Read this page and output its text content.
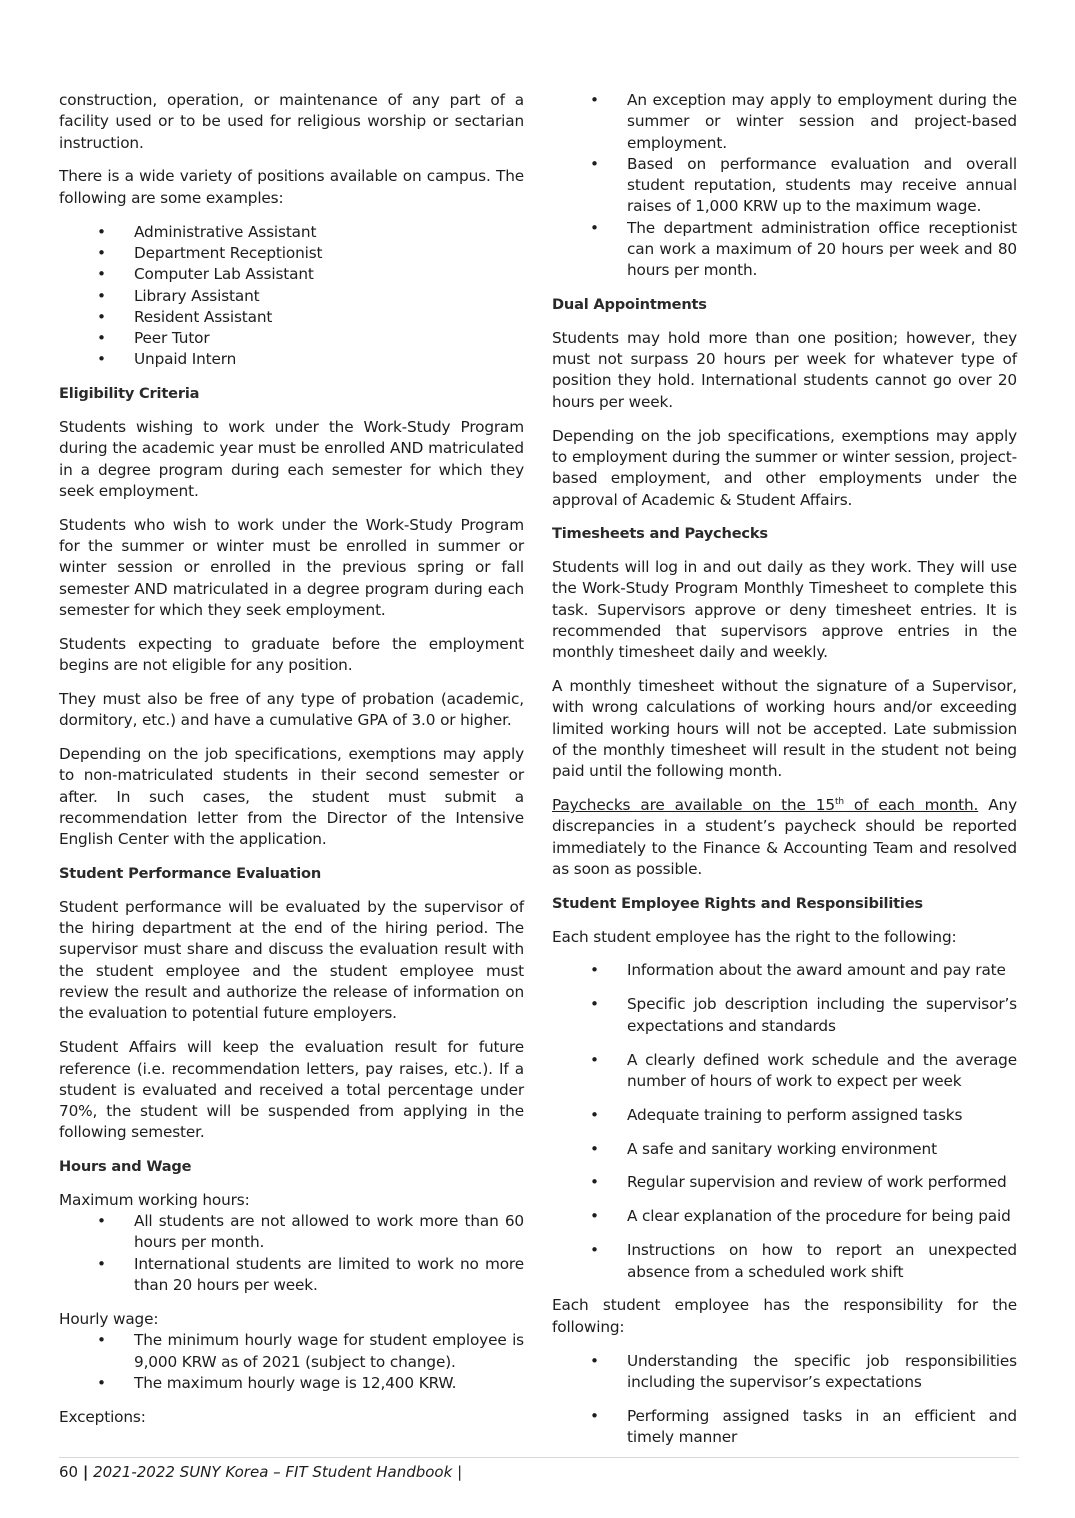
construction, operation, or maintenance of any part of a facility used or to be used for religious worship or sectarian instruction.

There is a wide variety of positions available on campus. The following are some examples:

• Administrative Assistant
• Department Receptionist
• Computer Lab Assistant
• Library Assistant
• Resident Assistant
• Peer Tutor
• Unpaid Intern
Eligibility Criteria

Students wishing to work under the Work-Study Program during the academic year must be enrolled AND matriculated in a degree program during each semester for which they seek employment.

Students who wish to work under the Work-Study Program for the summer or winter must be enrolled in summer or winter session or enrolled in the previous spring or fall semester AND matriculated in a degree program during each semester for which they seek employment.

Students expecting to graduate before the employment begins are not eligible for any position.

They must also be free of any type of probation (academic, dormitory, etc.) and have a cumulative GPA of 3.0 or higher.

Depending on the job specifications, exemptions may apply to non-matriculated students in their second semester or after. In such cases, the student must submit a recommendation letter from the Director of the Intensive English Center with the application.

Student Performance Evaluation

Student performance will be evaluated by the supervisor of the hiring department at the end of the hiring period. The supervisor must share and discuss the evaluation result with the student employee and the student employee must review the result and authorize the release of information on the evaluation to potential future employers.

Student Affairs will keep the evaluation result for future reference (i.e. recommendation letters, pay raises, etc.). If a student is evaluated and received a total percentage under 70%, the student will be suspended from applying in the following semester.

Hours and Wage

Maximum working hours:

• All students are not allowed to work more than 60 hours per month.
• International students are limited to work no more than 20 hours per week.

Hourly wage:

• The minimum hourly wage for student employee is 9,000 KRW as of 2021 (subject to change).
• The maximum hourly wage is 12,400 KRW.

Exceptions:

• An exception may apply to employment during the summer or winter session and project-based employment.
• Based on performance evaluation and overall student reputation, students may receive annual raises of 1,000 KRW up to the maximum wage.
• The department administration office receptionist can work a maximum of 20 hours per week and 80 hours per month.
Dual Appointments

Students may hold more than one position; however, they must not surpass 20 hours per week for whatever type of position they hold. International students cannot go over 20 hours per week.

Depending on the job specifications, exemptions may apply to employment during the summer or winter session, project-based employment, and other employments under the approval of Academic & Student Affairs.

Timesheets and Paychecks

Students will log in and out daily as they work. They will use the Work-Study Program Monthly Timesheet to complete this task. Supervisors approve or deny timesheet entries. It is recommended that supervisors approve entries in the monthly timesheet daily and weekly.

A monthly timesheet without the signature of a Supervisor, with wrong calculations of working hours and/or exceeding limited working hours will not be accepted. Late submission of the monthly timesheet will result in the student not being paid until the following month.

Paychecks are available on the 15th of each month. Any discrepancies in a student’s paycheck should be reported immediately to the Finance & Accounting Team and resolved as soon as possible.

Student Employee Rights and Responsibilities

Each student employee has the right to the following:

• Information about the award amount and pay rate
• Specific job description including the supervisor’s expectations and standards
• A clearly defined work schedule and the average number of hours of work to expect per week
• Adequate training to perform assigned tasks
• A safe and sanitary working environment
• Regular supervision and review of work performed
• A clear explanation of the procedure for being paid
• Instructions on how to report an unexpected absence from a scheduled work shift

Each student employee has the responsibility for the following:

• Understanding the specific job responsibilities including the supervisor’s expectations
• Performing assigned tasks in an efficient and timely manner
60 | 2021-2022 SUNY Korea – FIT Student Handbook |
